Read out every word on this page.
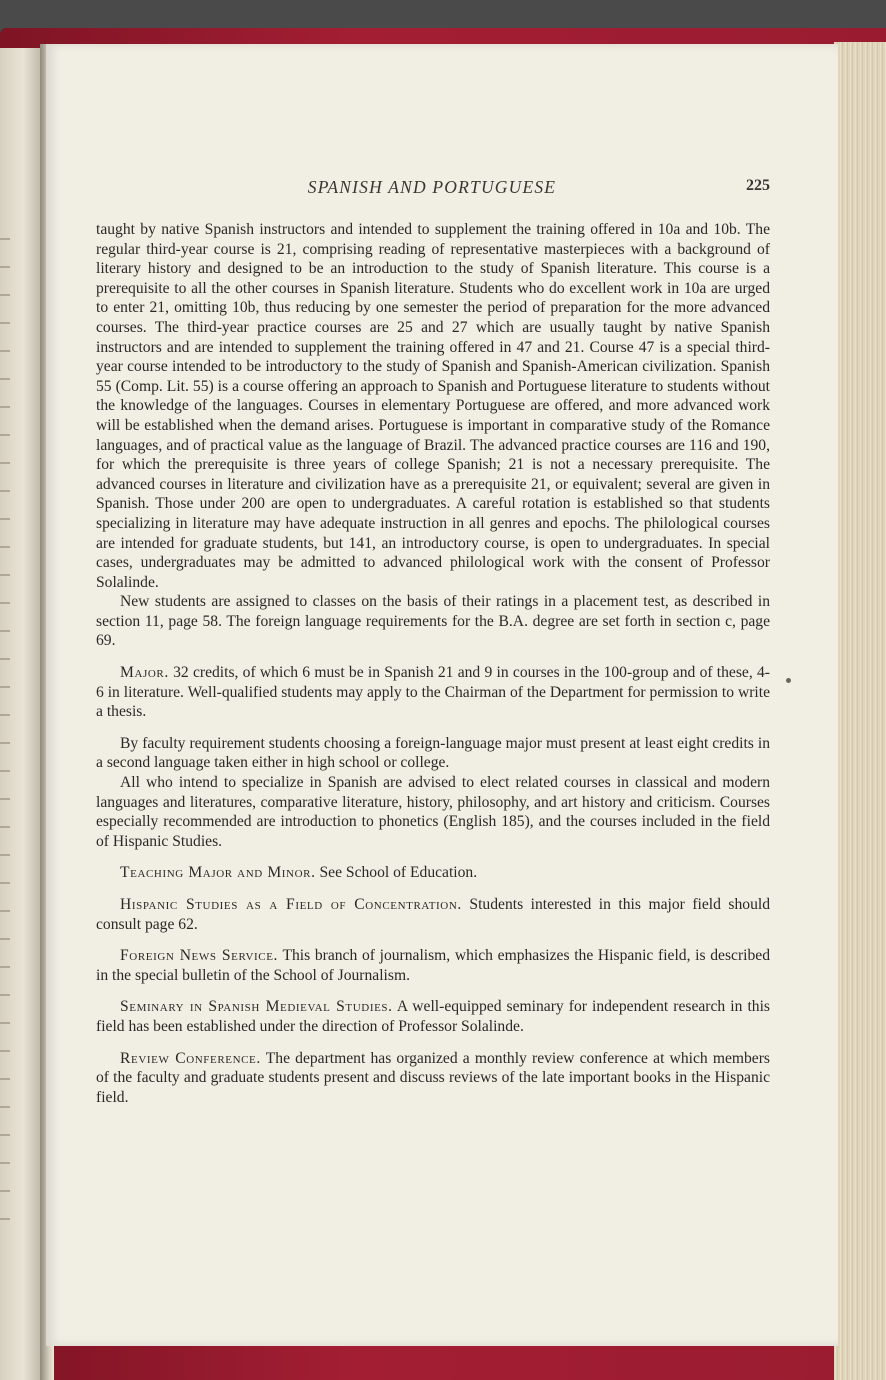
SPANISH AND PORTUGUESE	225

taught by native Spanish instructors and intended to supplement the training offered in 10a and 10b. The regular third-year course is 21, comprising reading of representative masterpieces with a background of literary history and designed to be an introduction to the study of Spanish literature. This course is a prerequisite to all the other courses in Spanish literature. Students who do excellent work in 10a are urged to enter 21, omitting 10b, thus reducing by one semester the period of preparation for the more advanced courses. The third-year practice courses are 25 and 27 which are usually taught by native Spanish instructors and are intended to supplement the training offered in 47 and 21. Course 47 is a special third-year course intended to be introductory to the study of Spanish and Spanish-American civilization. Spanish 55 (Comp. Lit. 55) is a course offering an approach to Spanish and Portuguese literature to students without the knowledge of the languages. Courses in elementary Portuguese are offered, and more advanced work will be established when the demand arises. Portuguese is important in comparative study of the Romance languages, and of practical value as the language of Brazil. The advanced practice courses are 116 and 190, for which the prerequisite is three years of college Spanish; 21 is not a necessary prerequisite. The advanced courses in literature and civilization have as a prerequisite 21, or equivalent; several are given in Spanish. Those under 200 are open to undergraduates. A careful rotation is established so that students specializing in literature may have adequate instruction in all genres and epochs. The philological courses are intended for graduate students, but 141, an introductory course, is open to undergraduates. In special cases, undergraduates may be admitted to advanced philological work with the consent of Professor Solalinde.

New students are assigned to classes on the basis of their ratings in a placement test, as described in section 11, page 58. The foreign language requirements for the B.A. degree are set forth in section c, page 69.

Major. 32 credits, of which 6 must be in Spanish 21 and 9 in courses in the 100-group and of these, 4-6 in literature. Well-qualified students may apply to the Chairman of the Department for permission to write a thesis.

By faculty requirement students choosing a foreign-language major must present at least eight credits in a second language taken either in high school or college.

All who intend to specialize in Spanish are advised to elect related courses in classical and modern languages and literatures, comparative literature, history, philosophy, and art history and criticism. Courses especially recommended are introduction to phonetics (English 185), and the courses included in the field of Hispanic Studies.

Teaching Major and Minor. See School of Education.

Hispanic Studies as a Field of Concentration. Students interested in this major field should consult page 62.

Foreign News Service. This branch of journalism, which emphasizes the Hispanic field, is described in the special bulletin of the School of Journalism.

Seminary in Spanish Medieval Studies. A well-equipped seminary for independent research in this field has been established under the direction of Professor Solalinde.

Review Conference. The department has organized a monthly review conference at which members of the faculty and graduate students present and discuss reviews of the late important books in the Hispanic field.
